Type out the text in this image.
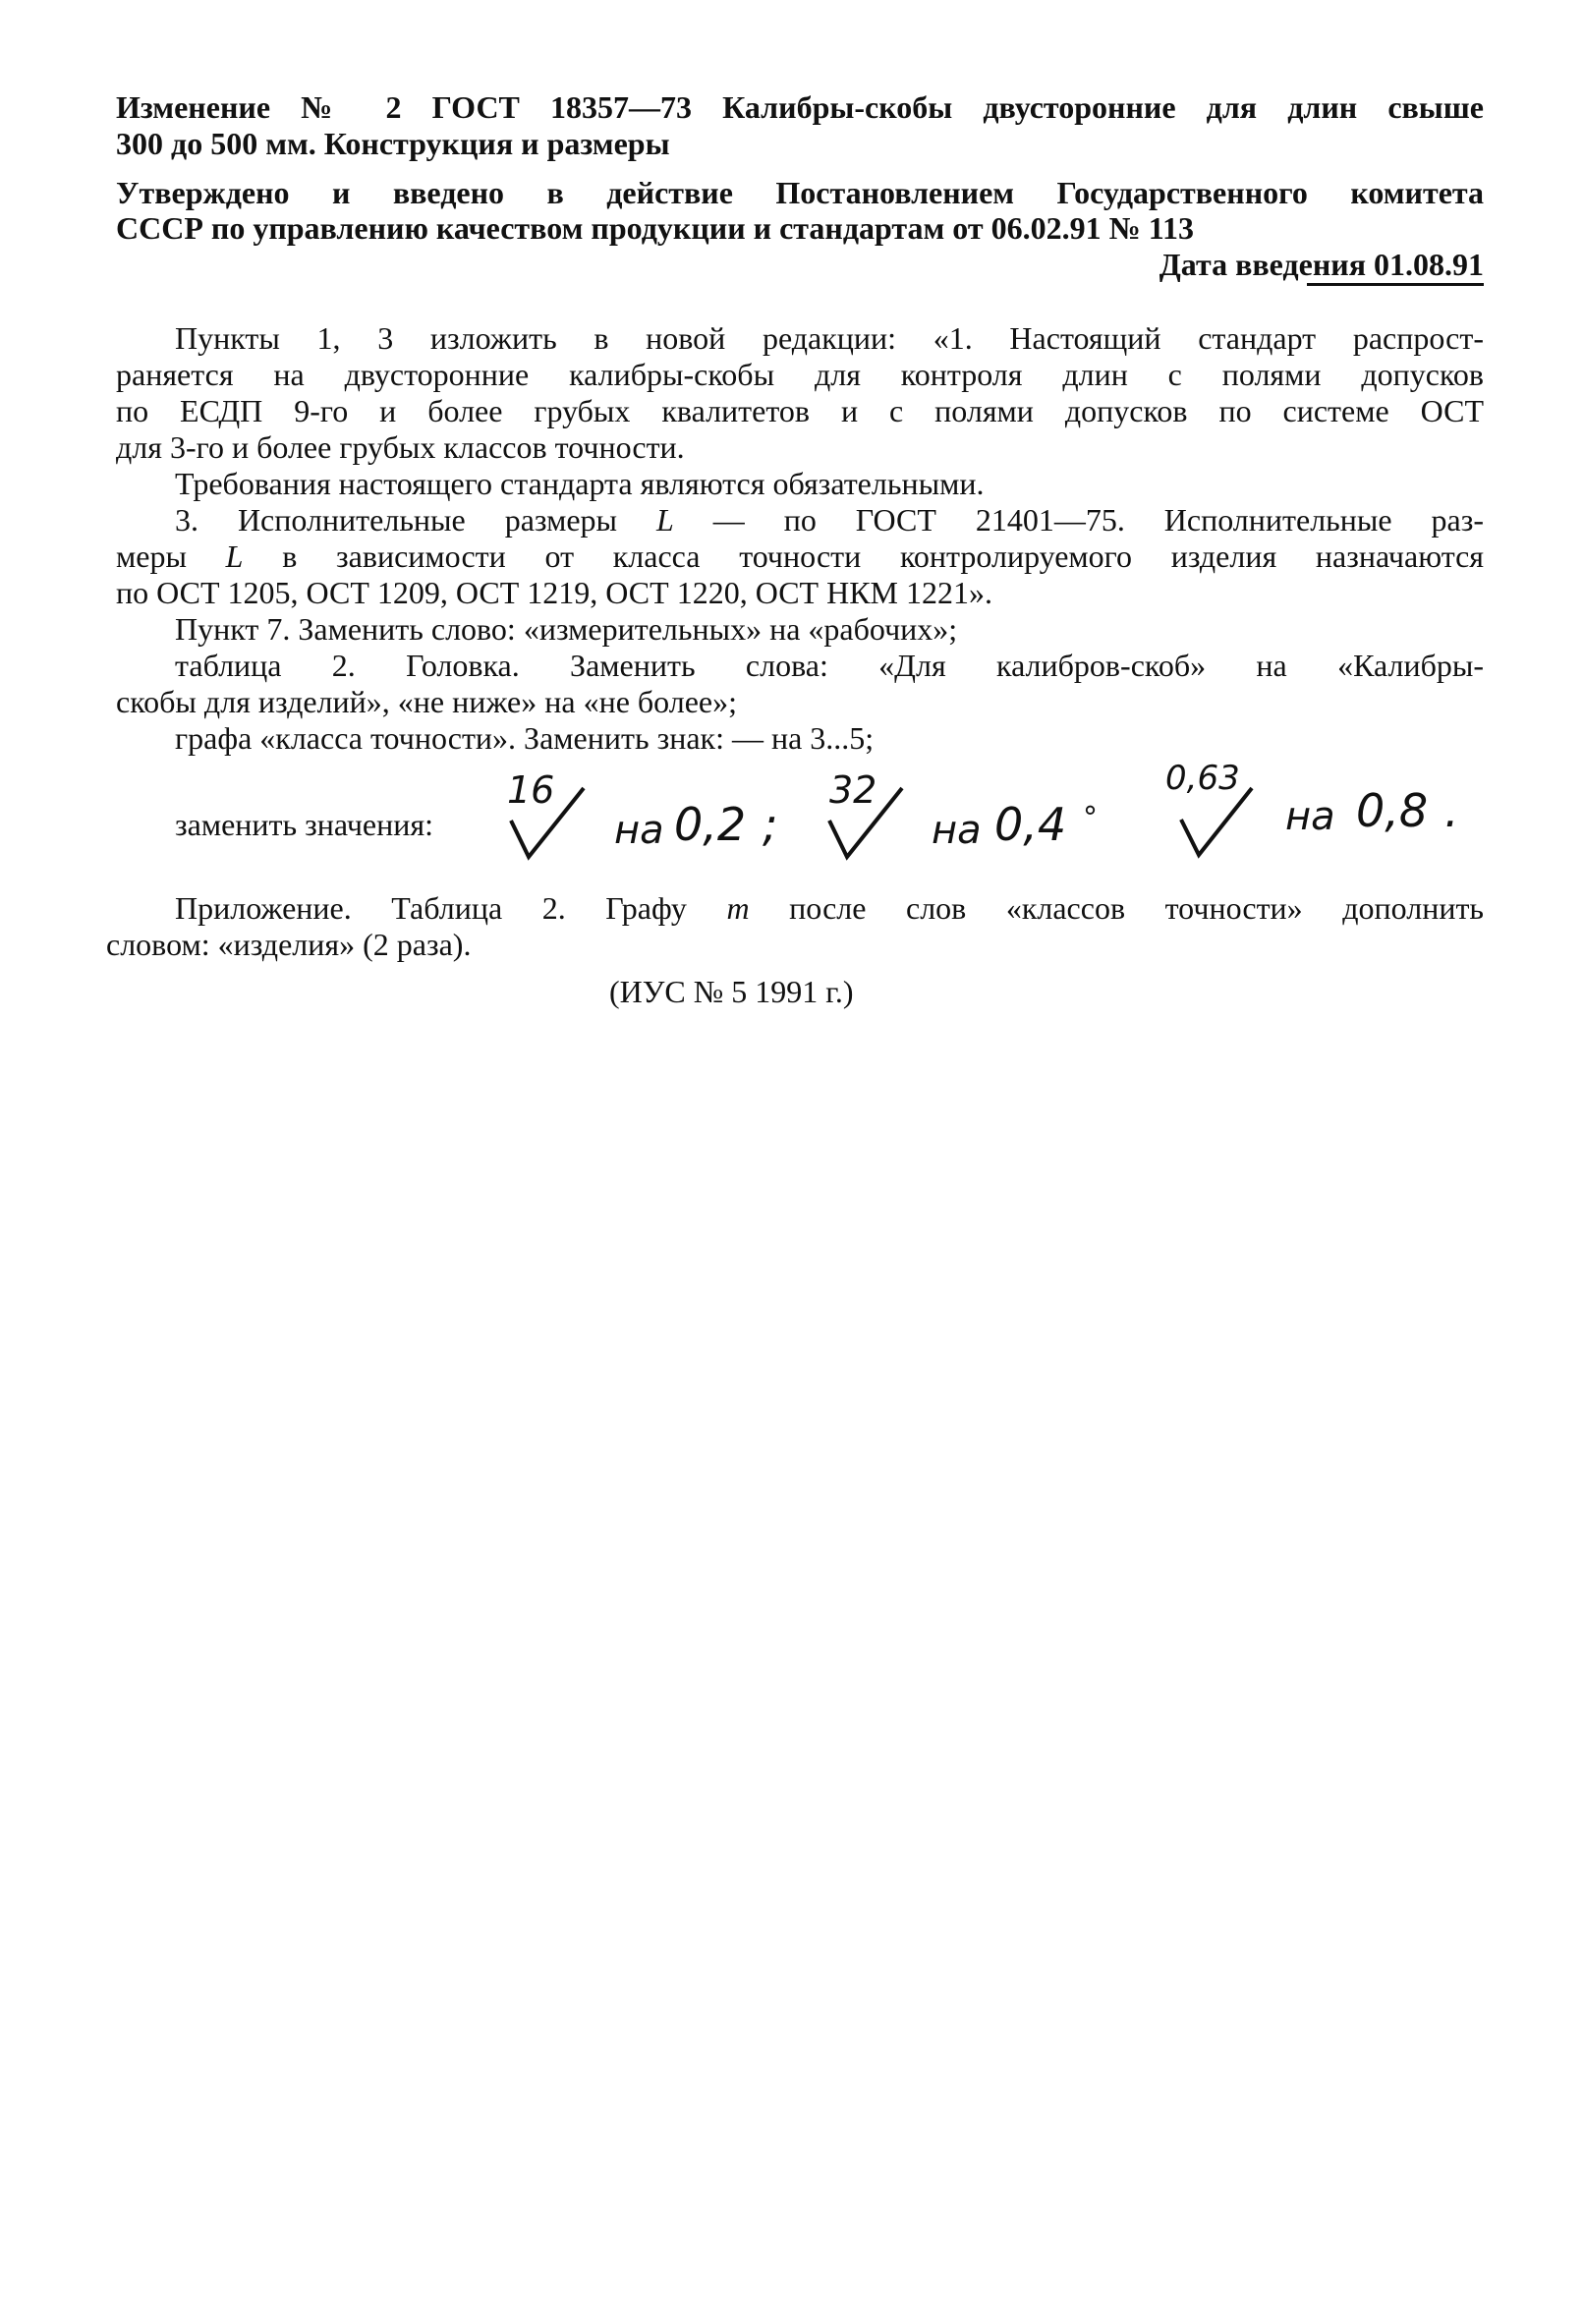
Изменение № 2 ГОСТ 18357—73 Калибры-скобы двусторонние для длин свыше
300 до 500 мм. Конструкция и размеры
Утверждено и введено в действие Постановлением Государственного комитета
СССР по управлению качеством продукции и стандартам от 06.02.91 № 113
Дата введения 01.08.91
Пункты 1, 3 изложить в новой редакции: «1. Настоящий стандарт распрост-
раняется на двусторонние калибры-скобы для контроля длин с полями допусков
по ЕСДП 9-го и более грубых квалитетов и с полями допусков по системе ОСТ
для 3-го и более грубых классов точности.
Требования настоящего стандарта являются обязательными.
3. Исполнительные размеры L — по ГОСТ 21401—75. Исполнительные раз-
меры L в зависимости от класса точности контролируемого изделия назначаются
по ОСТ 1205, ОСТ 1209, ОСТ 1219, ОСТ 1220, ОСТ НКМ 1221».
Пункт 7. Заменить слово: «измерительных» на «рабочих»;
таблица 2. Головка. Заменить слова: «Для калибров-скоб» на «Калибры-
скобы для изделий», «не ниже» на «не более»;
графа «класса точности». Заменить знак: — на 3...5;
заменить значения:
16
на 0,2 ;
32
на 0,4 °
0,63
на 0,8 .
Приложение. Таблица 2. Графу m после слов «классов точности» дополнить
словом: «изделия» (2 раза).
(ИУС № 5 1991 г.)
